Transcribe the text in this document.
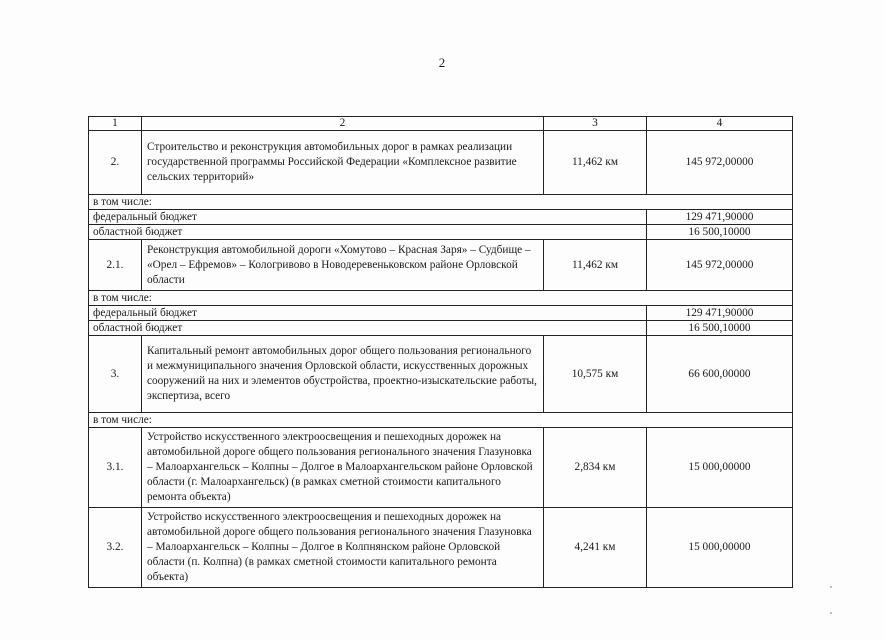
2
1	2	3	4
2.	Строительство и реконструкция автомобильных дорог в рамках реализации государственной программы Российской Федерации «Комплексное развитие сельских территорий»	11,462 км	145 972,00000
в том числе:			
федеральный бюджет			129 471,90000
областной бюджет			16 500,10000
2.1.	Реконструкция автомобильной дороги «Хомутово – Красная Заря» – Судбище – «Орел – Ефремов» – Кологривово в Новодеревеньковском районе Орловской области	11,462 км	145 972,00000
в том числе:			
федеральный бюджет			129 471,90000
областной бюджет			16 500,10000
3.	Капитальный ремонт автомобильных дорог общего пользования регионального и межмуниципального значения Орловской области, искусственных дорожных сооружений на них и элементов обустройства, проектно-изыскательские работы, экспертиза, всего	10,575 км	66 600,00000
в том числе:			
3.1.	Устройство искусственного электроосвещения и пешеходных дорожек на автомобильной дороге общего пользования регионального значения Глазуновка – Малоархангельск – Колпны – Долгое в Малоархангельском районе Орловской области (г. Малоархангельск) (в рамках сметной стоимости капитального ремонта объекта)	2,834 км	15 000,00000
3.2.	Устройство искусственного электроосвещения и пешеходных дорожек на автомобильной дороге общего пользования регионального значения Глазуновка – Малоархангельск – Колпны – Долгое в Колпнянском районе Орловской области (п. Колпна) (в рамках сметной стоимости капитального ремонта объекта)	4,241 км	15 000,00000
